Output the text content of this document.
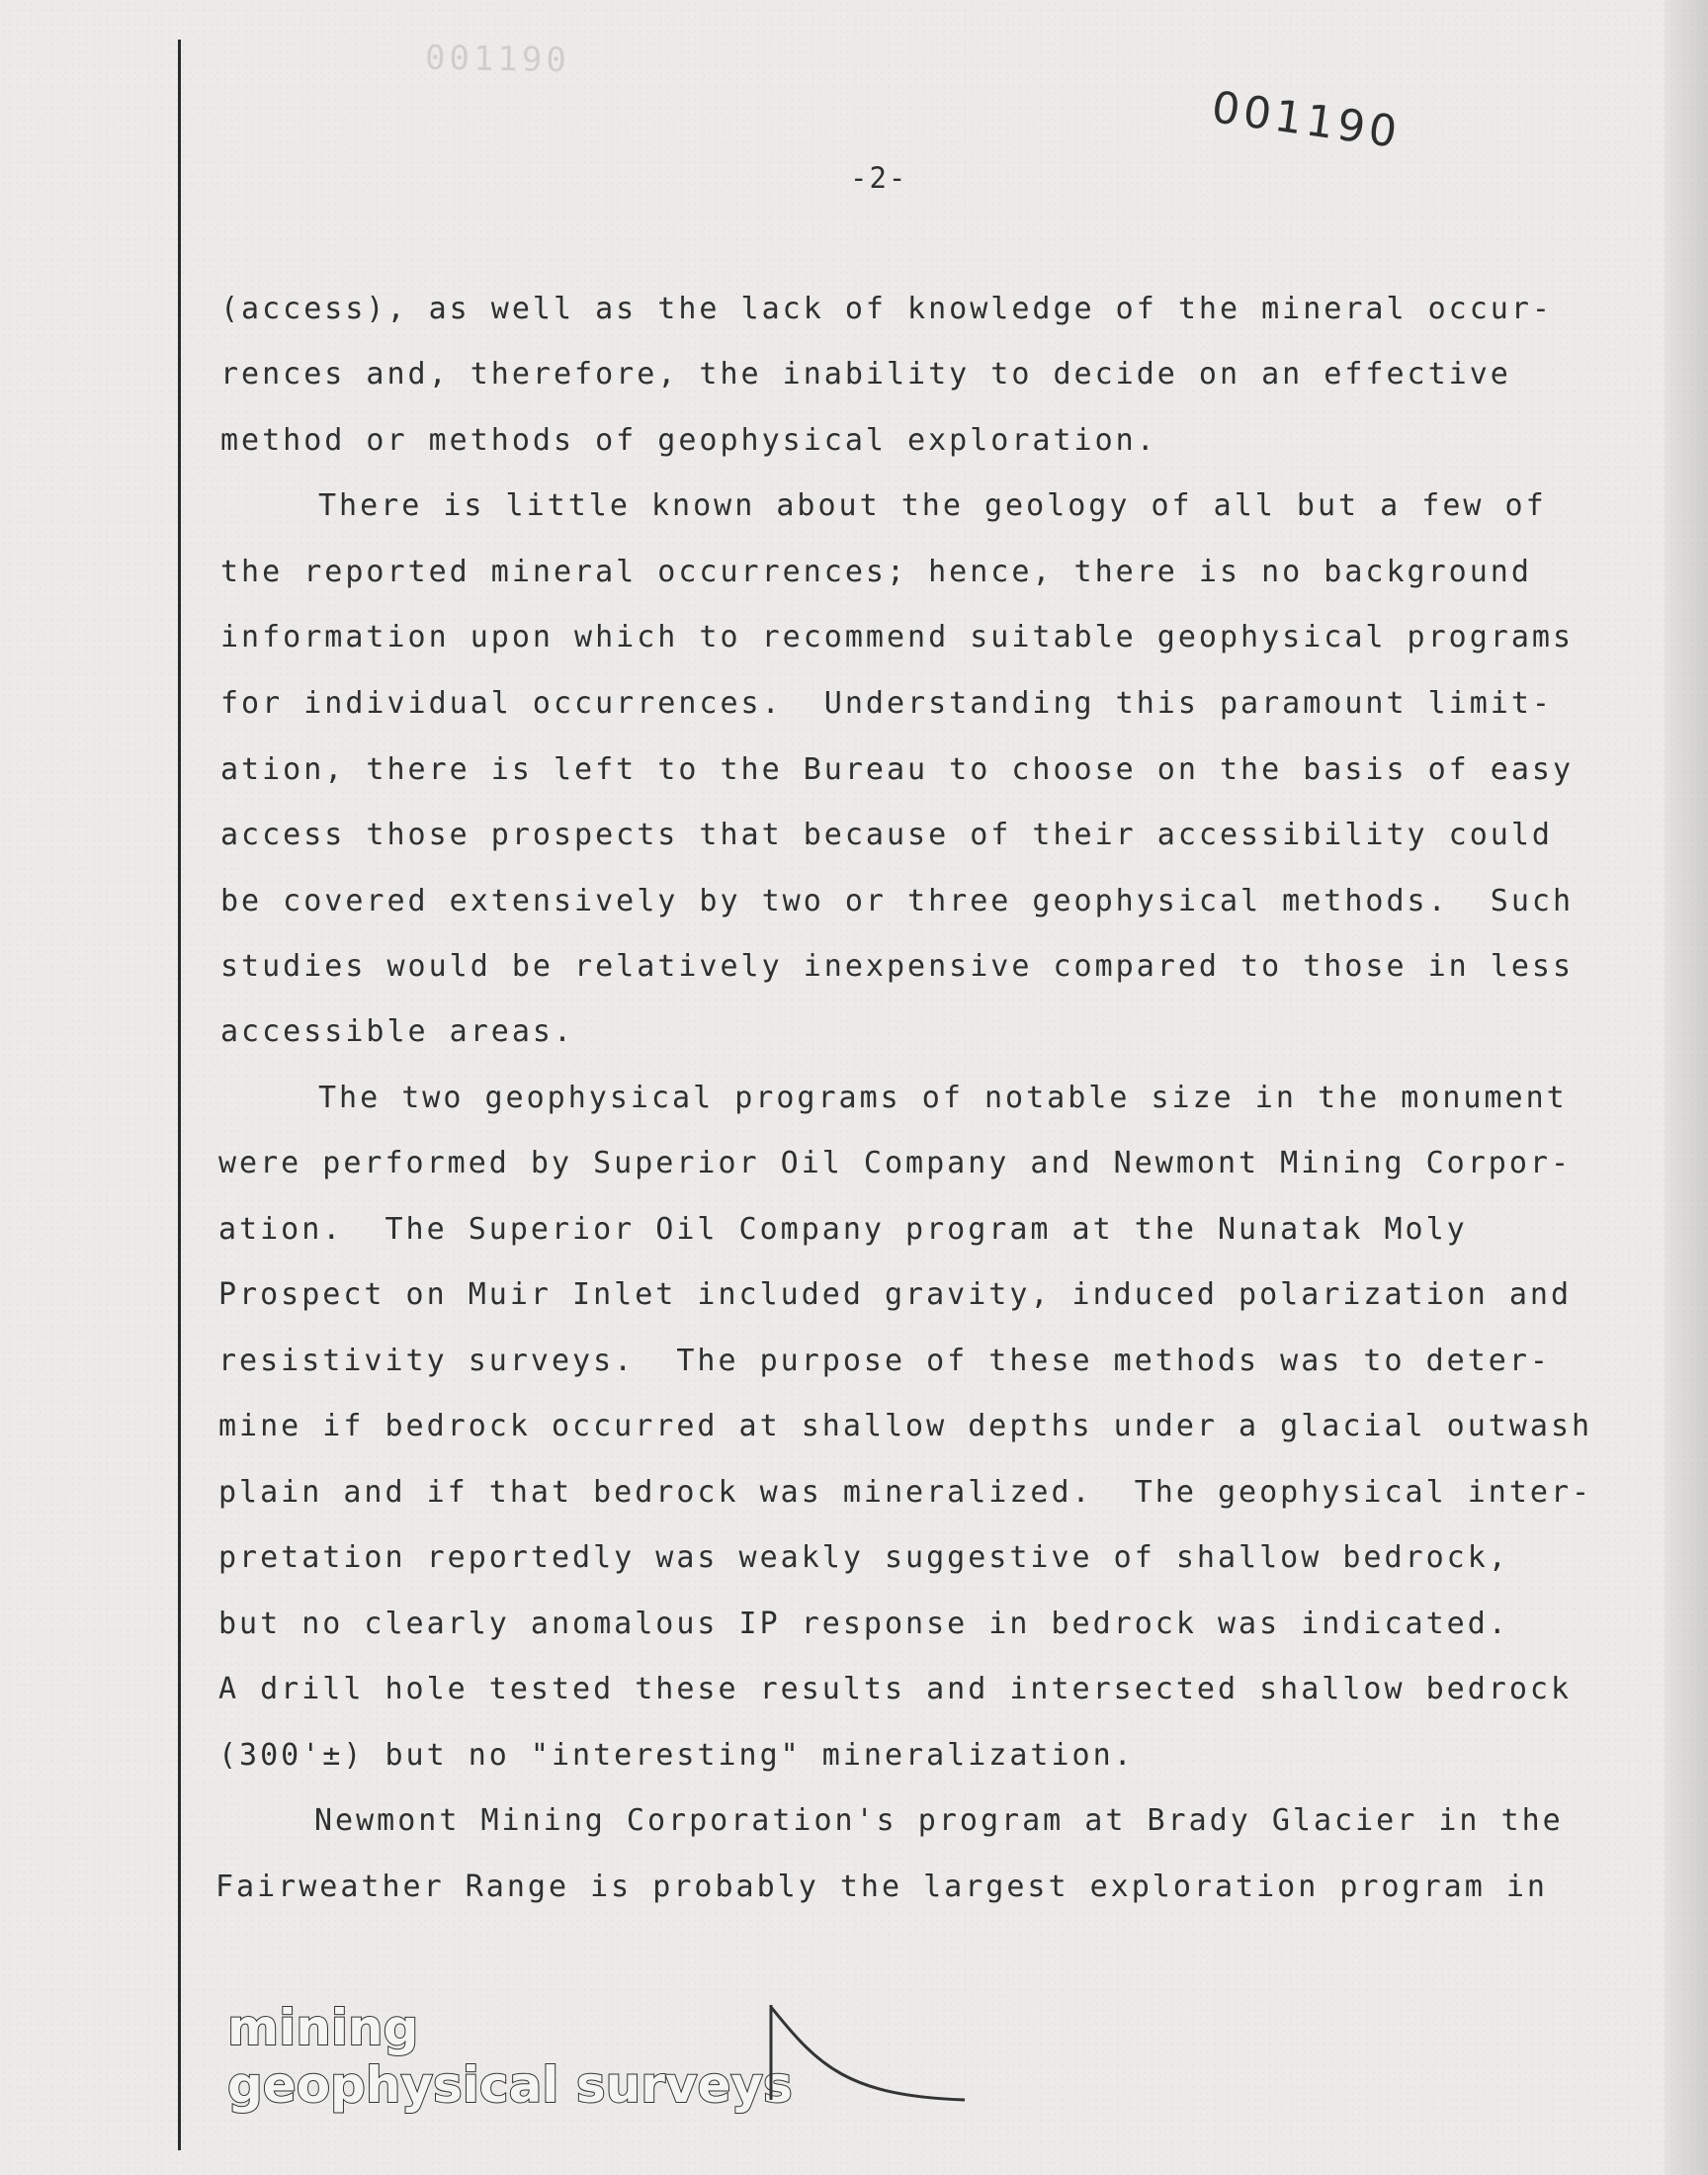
001190
001190
-2-
(access), as well as the lack of knowledge of the mineral occur-
rences and, therefore, the inability to decide on an effective
method or methods of geophysical exploration.
There is little known about the geology of all but a few of
the reported mineral occurrences; hence, there is no background
information upon which to recommend suitable geophysical programs
for individual occurrences.  Understanding this paramount limit-
ation, there is left to the Bureau to choose on the basis of easy
access those prospects that because of their accessibility could
be covered extensively by two or three geophysical methods.  Such
studies would be relatively inexpensive compared to those in less
accessible areas.
The two geophysical programs of notable size in the monument
were performed by Superior Oil Company and Newmont Mining Corpor-
ation.  The Superior Oil Company program at the Nunatak Moly
Prospect on Muir Inlet included gravity, induced polarization and
resistivity surveys.  The purpose of these methods was to deter-
mine if bedrock occurred at shallow depths under a glacial outwash
plain and if that bedrock was mineralized.  The geophysical inter-
pretation reportedly was weakly suggestive of shallow bedrock,
but no clearly anomalous IP response in bedrock was indicated.
A drill hole tested these results and intersected shallow bedrock
(300'±) but no "interesting" mineralization.
Newmont Mining Corporation's program at Brady Glacier in the
Fairweather Range is probably the largest exploration program in
mining
geophysical surveys
